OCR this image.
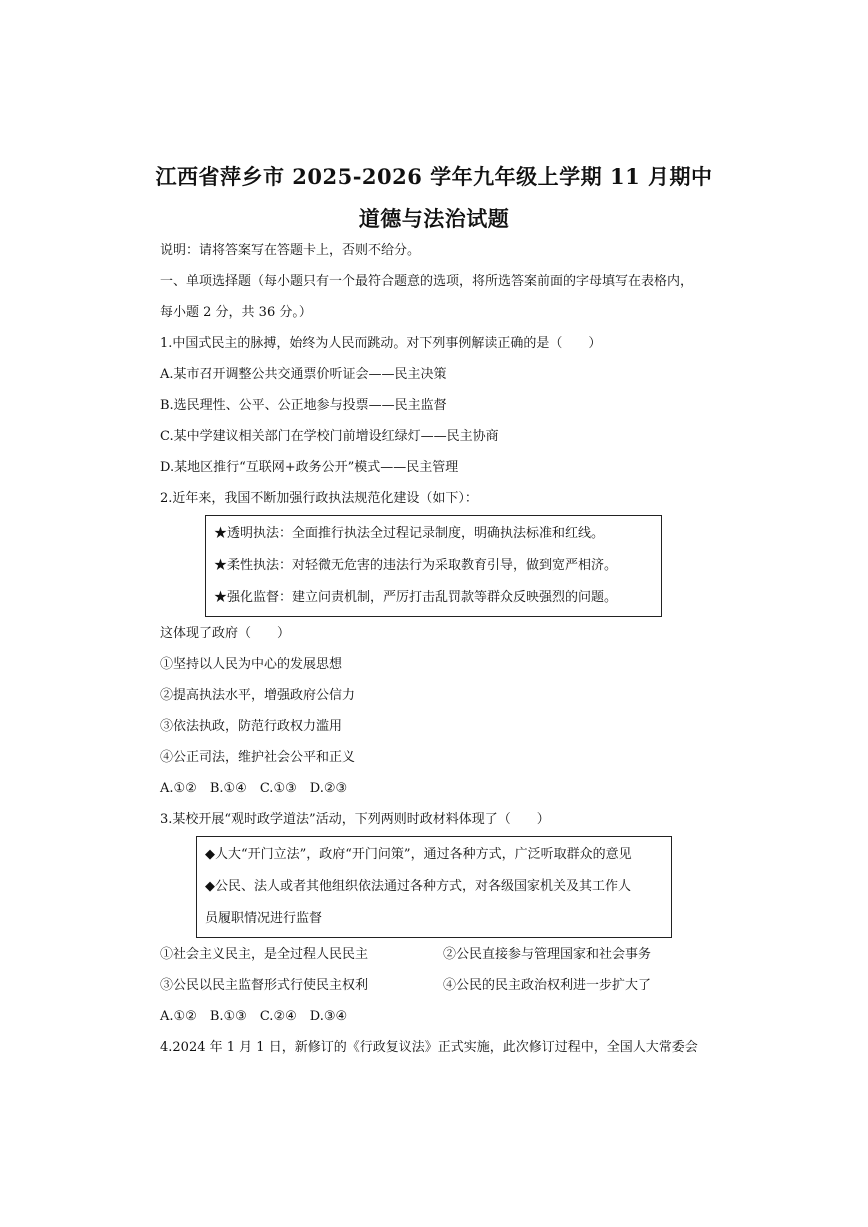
江西省萍乡市 2025-2026 学年九年级上学期 11 月期中
道德与法治试题
说明：请将答案写在答题卡上，否则不给分。
一、单项选择题（每小题只有一个最符合题意的选项，将所选答案前面的字母填写在表格内，
每小题 2 分，共 36 分。）
1.中国式民主的脉搏，始终为人民而跳动。对下列事例解读正确的是（　　）
A.某市召开调整公共交通票价听证会——民主决策
B.选民理性、公平、公正地参与投票——民主监督
C.某中学建议相关部门在学校门前增设红绿灯——民主协商
D.某地区推行“互联网+政务公开”模式——民主管理
2.近年来，我国不断加强行政执法规范化建设（如下）：
★透明执法：全面推行执法全过程记录制度，明确执法标准和红线。
★柔性执法：对轻微无危害的违法行为采取教育引导，做到宽严相济。
★强化监督：建立问责机制，严厉打击乱罚款等群众反映强烈的问题。
这体现了政府（　　）
①坚持以人民为中心的发展思想
②提高执法水平，增强政府公信力
③依法执政，防范行政权力滥用
④公正司法，维护社会公平和正义
A.①②　B.①④　C.①③　D.②③
3.某校开展“观时政学道法”活动，下列两则时政材料体现了（　　）
◆人大“开门立法”，政府“开门问策”，通过各种方式，广泛听取群众的意见
◆公民、法人或者其他组织依法通过各种方式，对各级国家机关及其工作人
员履职情况进行监督
①社会主义民主，是全过程人民民主	②公民直接参与管理国家和社会事务
③公民以民主监督形式行使民主权利	④公民的民主政治权利进一步扩大了
A.①②　B.①③　C.②④　D.③④
4.2024 年 1 月 1 日，新修订的《行政复议法》正式实施，此次修订过程中，全国人大常委会
